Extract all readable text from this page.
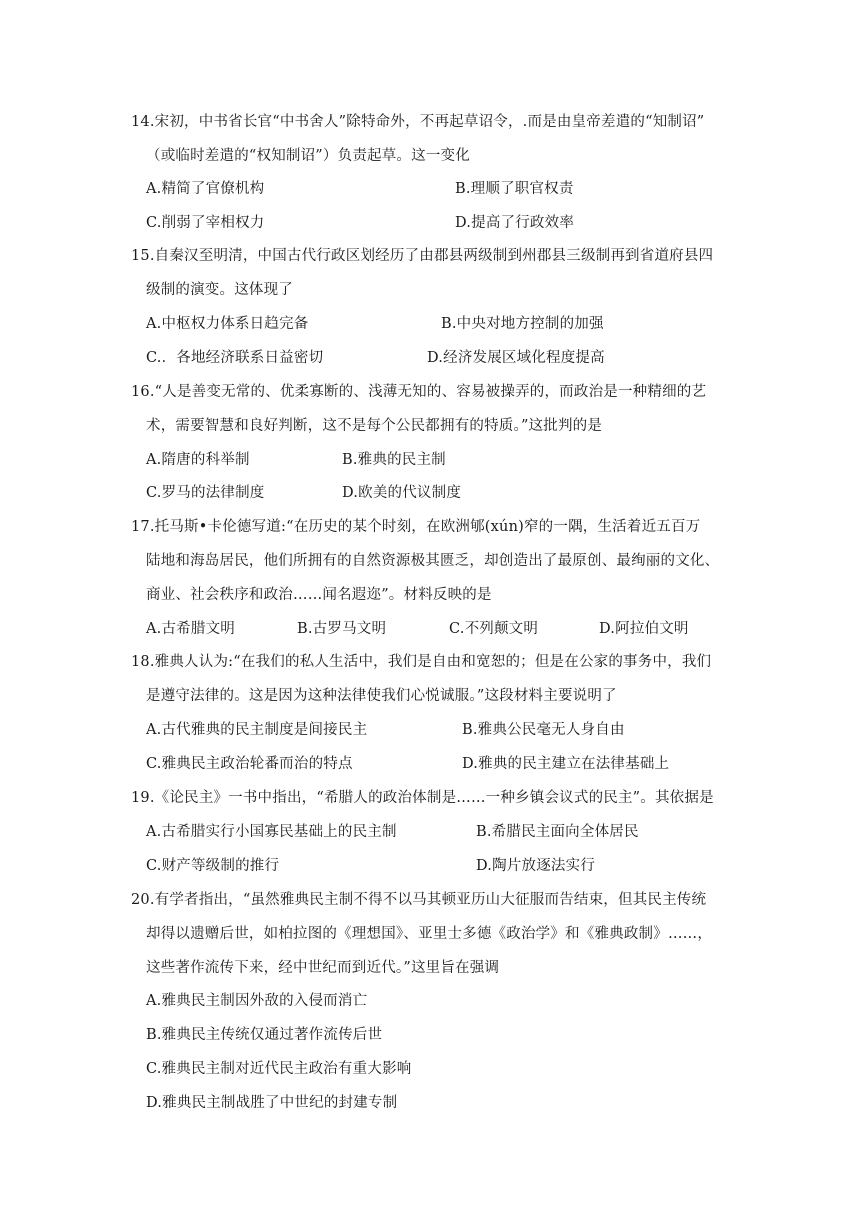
14.宋初，中书省长官“中书舍人”除特命外，不再起草诏令，.而是由皇帝差遣的“知制诏”
（或临时差遣的“权知制诏”）负责起草。这一变化
A.精简了官僚机构	B.理顺了职官权责
C.削弱了宰相权力	D.提高了行政效率
15.自秦汉至明清，中国古代行政区划经历了由郡县两级制到州郡县三级制再到省道府县四
级制的演变。这体现了
A.中枢权力体系日趋完备	B.中央对地方控制的加强
C.．各地经济联系日益密切	D.经济发展区域化程度提高
16.“人是善变无常的、优柔寡断的、浅薄无知的、容易被操弄的，而政治是一种精细的艺
术，需要智慧和良好判断，这不是每个公民都拥有的特质。”这批判的是
A.隋唐的科举制	B.雅典的民主制
C.罗马的法律制度	D.欧美的代议制度
17.托马斯•卡伦德写道:“在历史的某个时刻，在欧洲郇(xún)窄的一隅，生活着近五百万
陆地和海岛居民，他们所拥有的自然资源极其匮乏，却创造出了最原创、最绚丽的文化、
商业、社会秩序和政治……闻名遐迩”。材料反映的是
A.古希腊文明	B.古罗马文明	C.不列颠文明	D.阿拉伯文明
18.雅典人认为:“在我们的私人生活中，我们是自由和宽恕的；但是在公家的事务中，我们
是遵守法律的。这是因为这种法律使我们心悦诚服。”这段材料主要说明了
A.古代雅典的民主制度是间接民主	B.雅典公民毫无人身自由
C.雅典民主政治轮番而治的特点	D.雅典的民主建立在法律基础上
19.《论民主》一书中指出，“希腊人的政治体制是……一种乡镇会议式的民主”。其依据是
A.古希腊实行小国寡民基础上的民主制	B.希腊民主面向全体居民
C.财产等级制的推行	D.陶片放逐法实行
20.有学者指出，“虽然雅典民主制不得不以马其顿亚历山大征服而告结束，但其民主传统
却得以遗赠后世，如柏拉图的《理想国》、亚里士多德《政治学》和《雅典政制》……，
这些著作流传下来，经中世纪而到近代。”这里旨在强调
A.雅典民主制因外敌的入侵而消亡
B.雅典民主传统仅通过著作流传后世
C.雅典民主制对近代民主政治有重大影响
D.雅典民主制战胜了中世纪的封建专制
